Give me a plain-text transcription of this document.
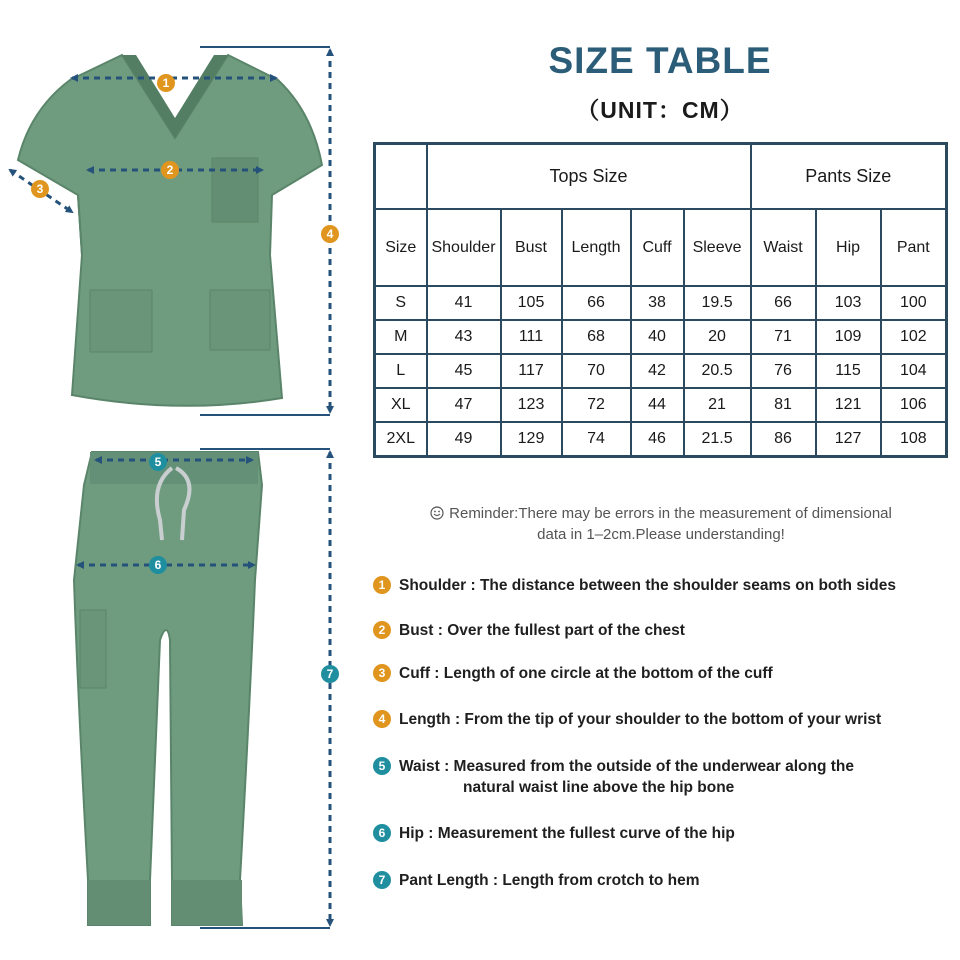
1
2
3
4
5
6
7
SIZE TABLE
（UNIT：CM）
	Tops Size					Pants Size		
Size	Shoulder	Bust	Length	Cuff	Sleeve	Waist	Hip	Pant
S	41	105	66	38	19.5	66	103	100
M	43	111	68	40	20	71	109	102
L	45	117	70	42	20.5	76	115	104
XL	47	123	72	44	21	81	121	106
2XL	49	129	74	46	21.5	86	127	108
Reminder:There may be errors in the measurement of dimensional
data in 1–2cm.Please understanding!
1 Shoulder : The distance between the shoulder seams on both sides
2 Bust : Over the fullest part of the chest
3 Cuff : Length of one circle at the bottom of the cuff
4 Length : From the tip of your shoulder to the bottom of your wrist
5 Waist : Measured from the outside of the underwear along the
natural waist line above the hip bone
6 Hip : Measurement the fullest curve of the hip
7 Pant Length : Length from crotch to hem
